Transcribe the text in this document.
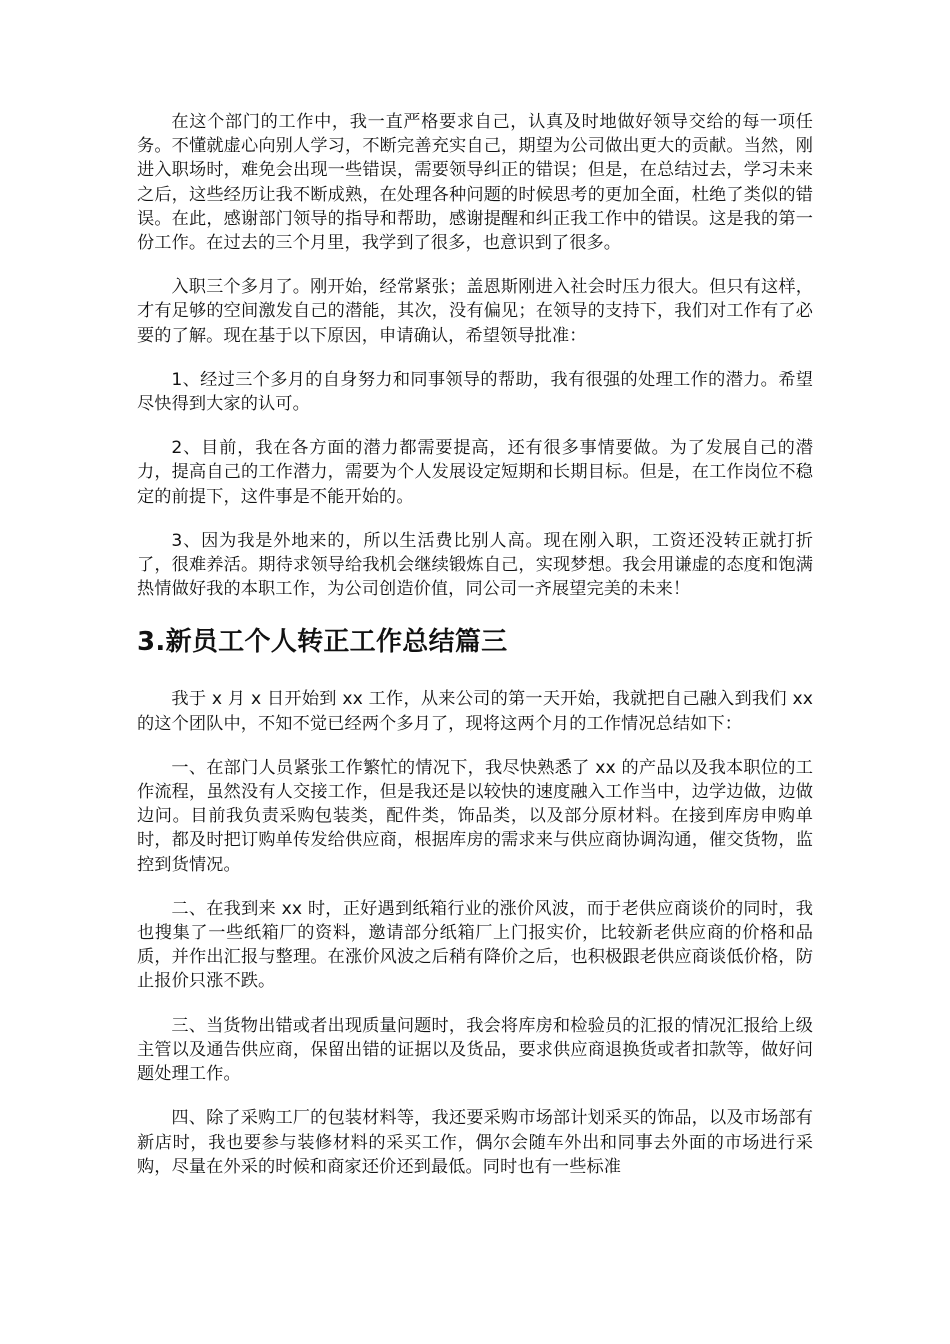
在这个部门的工作中，我一直严格要求自己，认真及时地做好领导交给的每一项任务。不懂就虚心向别人学习，不断完善充实自己，期望为公司做出更大的贡献。当然，刚进入职场时，难免会出现一些错误，需要领导纠正的错误；但是，在总结过去，学习未来之后，这些经历让我不断成熟，在处理各种问题的时候思考的更加全面，杜绝了类似的错误。在此，感谢部门领导的指导和帮助，感谢提醒和纠正我工作中的错误。这是我的第一份工作。在过去的三个月里，我学到了很多，也意识到了很多。

入职三个多月了。刚开始，经常紧张；盖恩斯刚进入社会时压力很大。但只有这样，才有足够的空间激发自己的潜能，其次，没有偏见；在领导的支持下，我们对工作有了必要的了解。现在基于以下原因，申请确认，希望领导批准：

1、经过三个多月的自身努力和同事领导的帮助，我有很强的处理工作的潜力。希望尽快得到大家的认可。

2、目前，我在各方面的潜力都需要提高，还有很多事情要做。为了发展自己的潜力，提高自己的工作潜力，需要为个人发展设定短期和长期目标。但是，在工作岗位不稳定的前提下，这件事是不能开始的。

3、因为我是外地来的，所以生活费比别人高。现在刚入职，工资还没转正就打折了，很难养活。期待求领导给我机会继续锻炼自己，实现梦想。我会用谦虚的态度和饱满热情做好我的本职工作，为公司创造价值，同公司一齐展望完美的未来！

3.新员工个人转正工作总结篇三

我于 x 月 x 日开始到 xx 工作，从来公司的第一天开始，我就把自己融入到我们 xx 的这个团队中，不知不觉已经两个多月了，现将这两个月的工作情况总结如下：

一、在部门人员紧张工作繁忙的情况下，我尽快熟悉了 xx 的产品以及我本职位的工作流程，虽然没有人交接工作，但是我还是以较快的速度融入工作当中，边学边做，边做边问。目前我负责采购包装类，配件类，饰品类，以及部分原材料。在接到库房申购单时，都及时把订购单传发给供应商，根据库房的需求来与供应商协调沟通，催交货物，监控到货情况。

二、在我到来 xx 时，正好遇到纸箱行业的涨价风波，而于老供应商谈价的同时，我也搜集了一些纸箱厂的资料，邀请部分纸箱厂上门报实价，比较新老供应商的价格和品质，并作出汇报与整理。在涨价风波之后稍有降价之后，也积极跟老供应商谈低价格，防止报价只涨不跌。

三、当货物出错或者出现质量问题时，我会将库房和检验员的汇报的情况汇报给上级主管以及通告供应商，保留出错的证据以及货品，要求供应商退换货或者扣款等，做好问题处理工作。

四、除了采购工厂的包装材料等，我还要采购市场部计划采买的饰品，以及市场部有新店时，我也要参与装修材料的采买工作，偶尔会随车外出和同事去外面的市场进行采购，尽量在外采的时候和商家还价还到最低。同时也有一些标准
